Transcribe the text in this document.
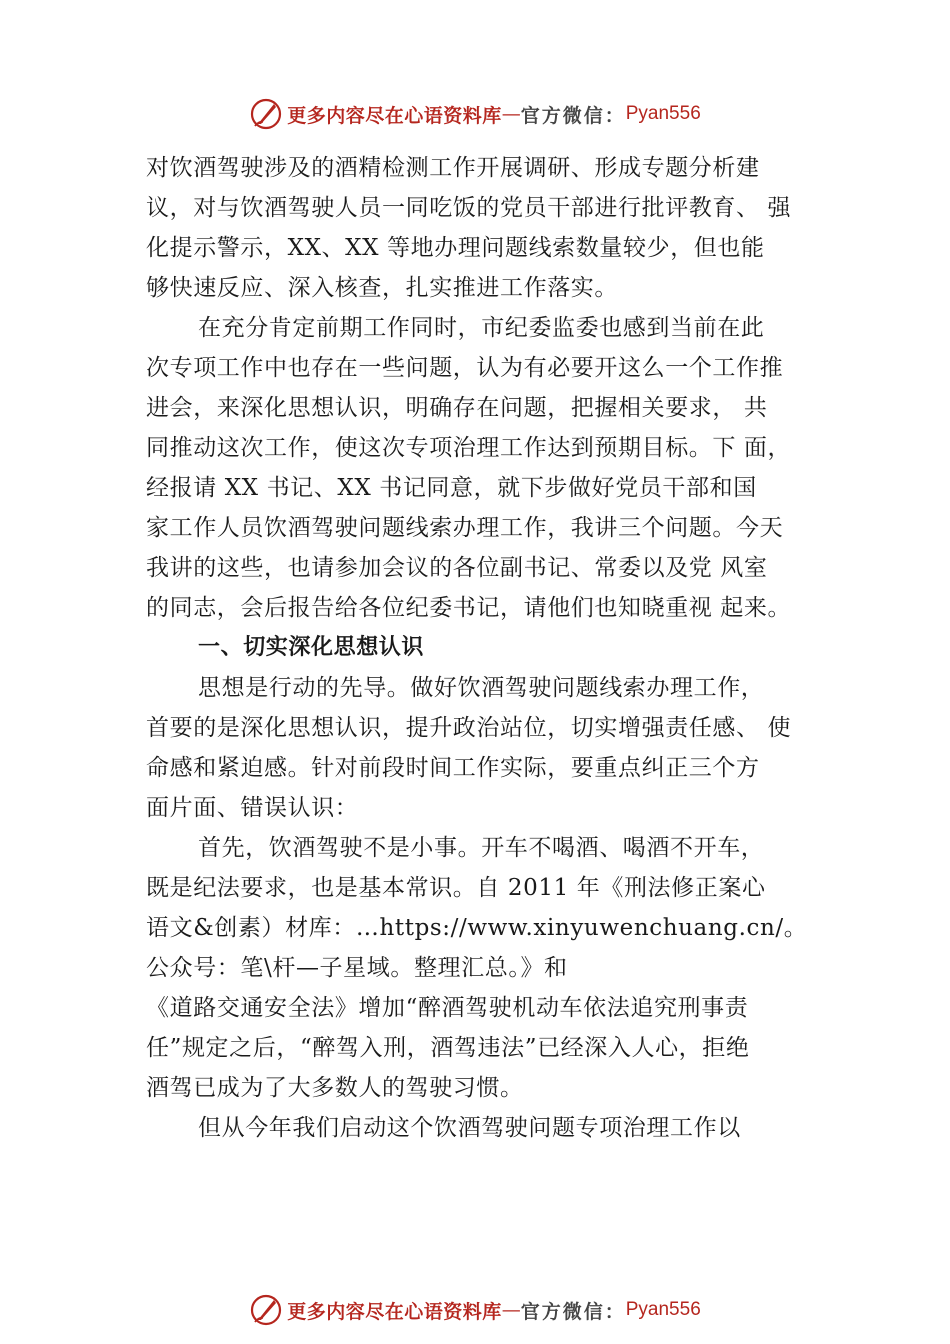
更多内容尽在心语资料库 — 官方微信： Pyan556
对饮酒驾驶涉及的酒精检测工作开展调研、形成专题分析建
议，对与饮酒驾驶人员一同吃饭的党员干部进行批评教育、 强
化提示警示，XX、XX 等地办理问题线索数量较少，但也能
够快速反应、深入核查，扎实推进工作落实。
在充分肯定前期工作同时，市纪委监委也感到当前在此
次专项工作中也存在一些问题，认为有必要开这么一个工作推
进会，来深化思想认识，明确存在问题，把握相关要求， 共
同推动这次工作，使这次专项治理工作达到预期目标。下 面，
经报请 XX 书记、XX 书记同意，就下步做好党员干部和国
家工作人员饮酒驾驶问题线索办理工作，我讲三个问题。今天
我讲的这些，也请参加会议的各位副书记、常委以及党 风室
的同志，会后报告给各位纪委书记，请他们也知晓重视 起来。
一、切实深化思想认识
思想是行动的先导。做好饮酒驾驶问题线索办理工作，
首要的是深化思想认识，提升政治站位，切实增强责任感、 使
命感和紧迫感。针对前段时间工作实际，要重点纠正三个方
面片面、错误认识：
首先，饮酒驾驶不是小事。开车不喝酒、喝酒不开车，
既是纪法要求，也是基本常识。自 2011 年《刑法修正案心
语文&创素）材库：…https://www.xinyuwenchuang.cn/。
公众号：笔\杆—子星域。整理汇总。》和
《道路交通安全法》增加“醉酒驾驶机动车依法追究刑事责
任”规定之后，“醉驾入刑，酒驾违法”已经深入人心，拒绝
酒驾已成为了大多数人的驾驶习惯。
但从今年我们启动这个饮酒驾驶问题专项治理工作以
更多内容尽在心语资料库 — 官方微信： Pyan556
